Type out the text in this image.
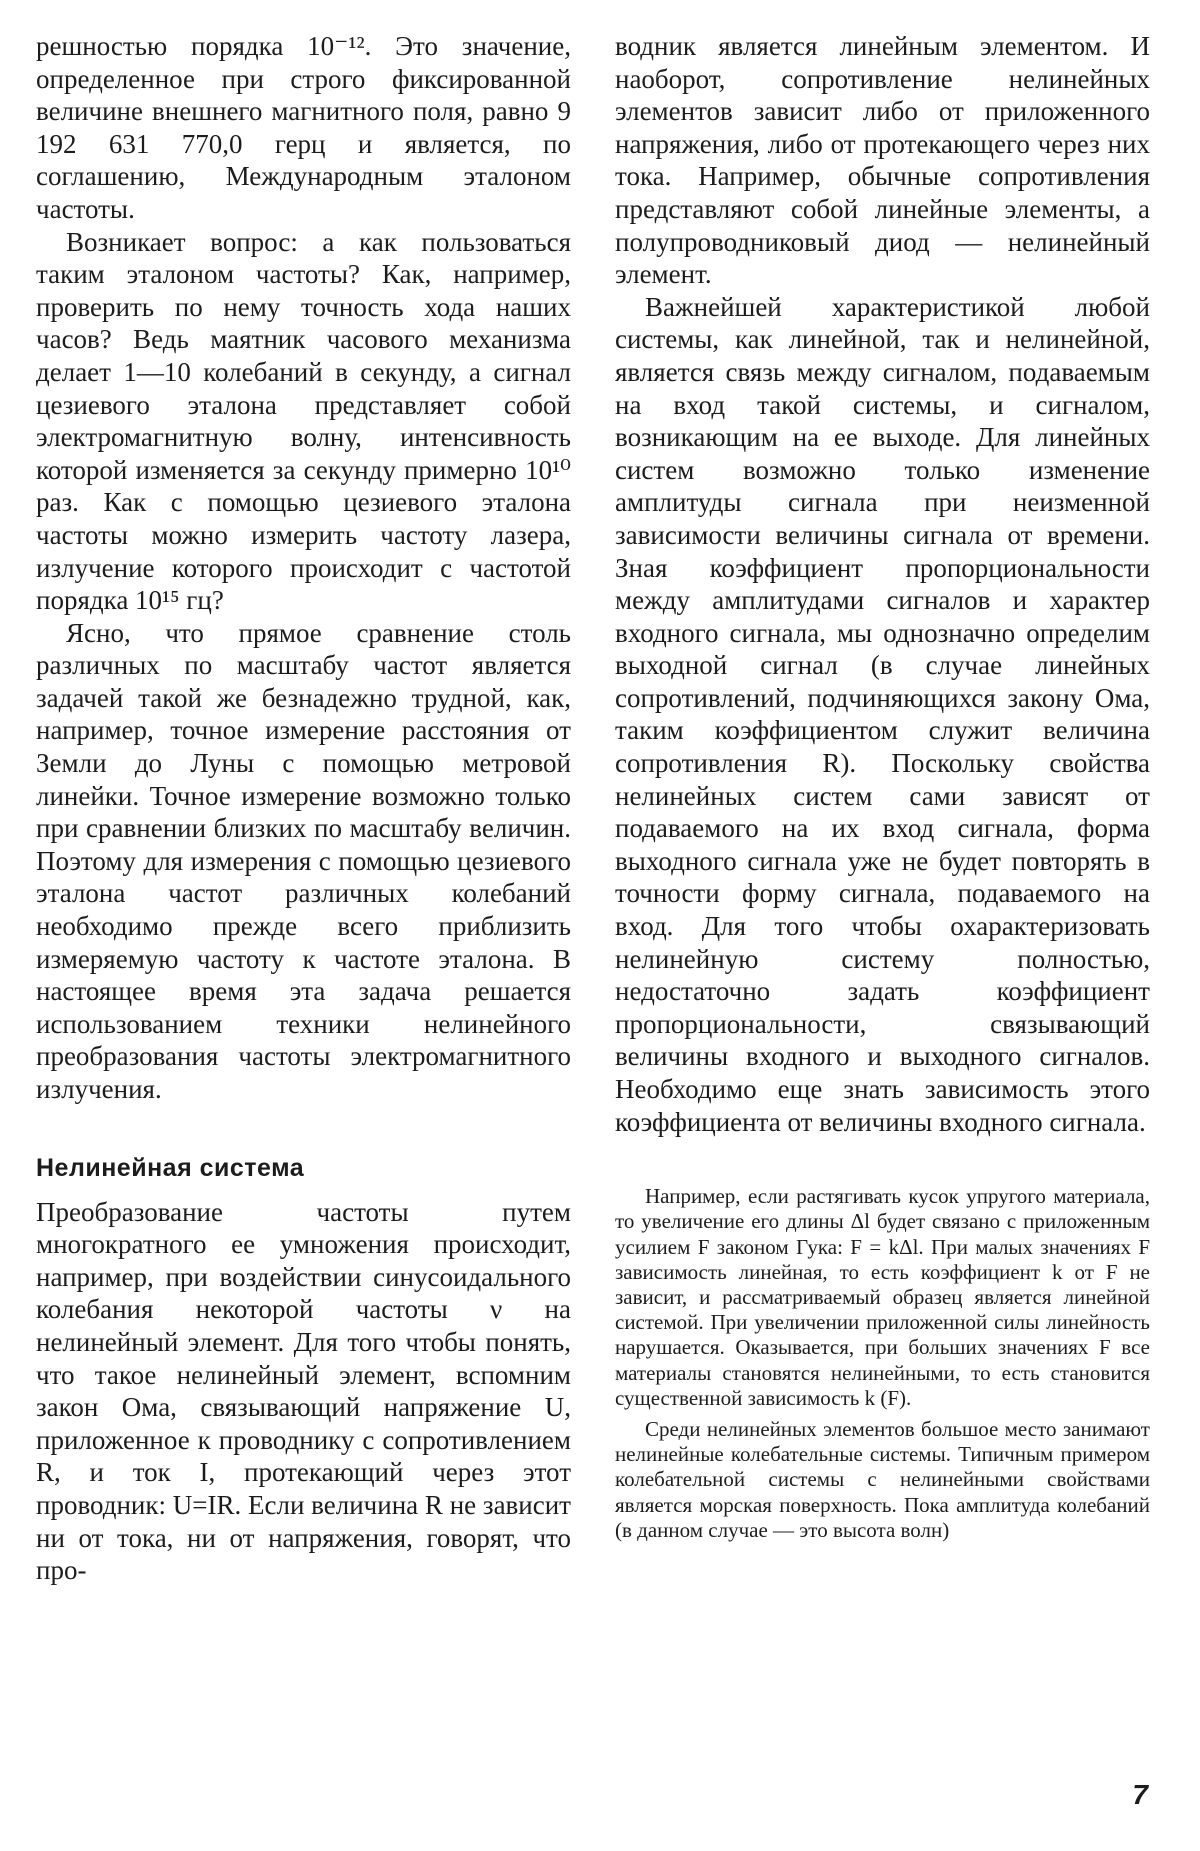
решностью порядка 10⁻¹². Это значение, определенное при строго фиксированной величине внешнего магнитного поля, равно 9 192 631 770,0 герц и является, по соглашению, Международным эталоном частоты.

Возникает вопрос: а как пользоваться таким эталоном частоты? Как, например, проверить по нему точность хода наших часов? Ведь маятник часового механизма делает 1—10 колебаний в секунду, а сигнал цезиевого эталона представляет собой электромагнитную волну, интенсивность которой изменяется за секунду примерно 10¹⁰ раз. Как с помощью цезиевого эталона частоты можно измерить частоту лазера, излучение которого происходит с частотой порядка 10¹⁵ гц?

Ясно, что прямое сравнение столь различных по масштабу частот является задачей такой же безнадежно трудной, как, например, точное измерение расстояния от Земли до Луны с помощью метровой линейки. Точное измерение возможно только при сравнении близких по масштабу величин. Поэтому для измерения с помощью цезиевого эталона частот различных колебаний необходимо прежде всего приблизить измеряемую частоту к частоте эталона. В настоящее время эта задача решается использованием техники нелинейного преобразования частоты электромагнитного излучения.

Нелинейная система

Преобразование частоты путем многократного ее умножения происходит, например, при воздействии синусоидального колебания некоторой частоты ν на нелинейный элемент. Для того чтобы понять, что такое нелинейный элемент, вспомним закон Ома, связывающий напряжение U, приложенное к проводнику с сопротивлением R, и ток I, протекающий через этот проводник: U=IR. Если величина R не зависит ни от тока, ни от напряжения, говорят, что про-

водник является линейным элементом. И наоборот, сопротивление нелинейных элементов зависит либо от приложенного напряжения, либо от протекающего через них тока. Например, обычные сопротивления представляют собой линейные элементы, а полупроводниковый диод — нелинейный элемент.

Важнейшей характеристикой любой системы, как линейной, так и нелинейной, является связь между сигналом, подаваемым на вход такой системы, и сигналом, возникающим на ее выходе. Для линейных систем возможно только изменение амплитуды сигнала при неизменной зависимости величины сигнала от времени. Зная коэффициент пропорциональности между амплитудами сигналов и характер входного сигнала, мы однозначно определим выходной сигнал (в случае линейных сопротивлений, подчиняющихся закону Ома, таким коэффициентом служит величина сопротивления R). Поскольку свойства нелинейных систем сами зависят от подаваемого на их вход сигнала, форма выходного сигнала уже не будет повторять в точности форму сигнала, подаваемого на вход. Для того чтобы охарактеризовать нелинейную систему полностью, недостаточно задать коэффициент пропорциональности, связывающий величины входного и выходного сигналов. Необходимо еще знать зависимость этого коэффициента от величины входного сигнала.

Например, если растягивать кусок упругого материала, то увеличение его длины Δl будет связано с приложенным усилием F законом Гука: F = kΔl. При малых значениях F зависимость линейная, то есть коэффициент k от F не зависит, и рассматриваемый образец является линейной системой. При увеличении приложенной силы линейность нарушается. Оказывается, при больших значениях F все материалы становятся нелинейными, то есть становится существенной зависимость k (F).

Среди нелинейных элементов большое место занимают нелинейные колебательные системы. Типичным примером колебательной системы с нелинейными свойствами является морская поверхность. Пока амплитуда колебаний (в данном случае — это высота волн)

7
